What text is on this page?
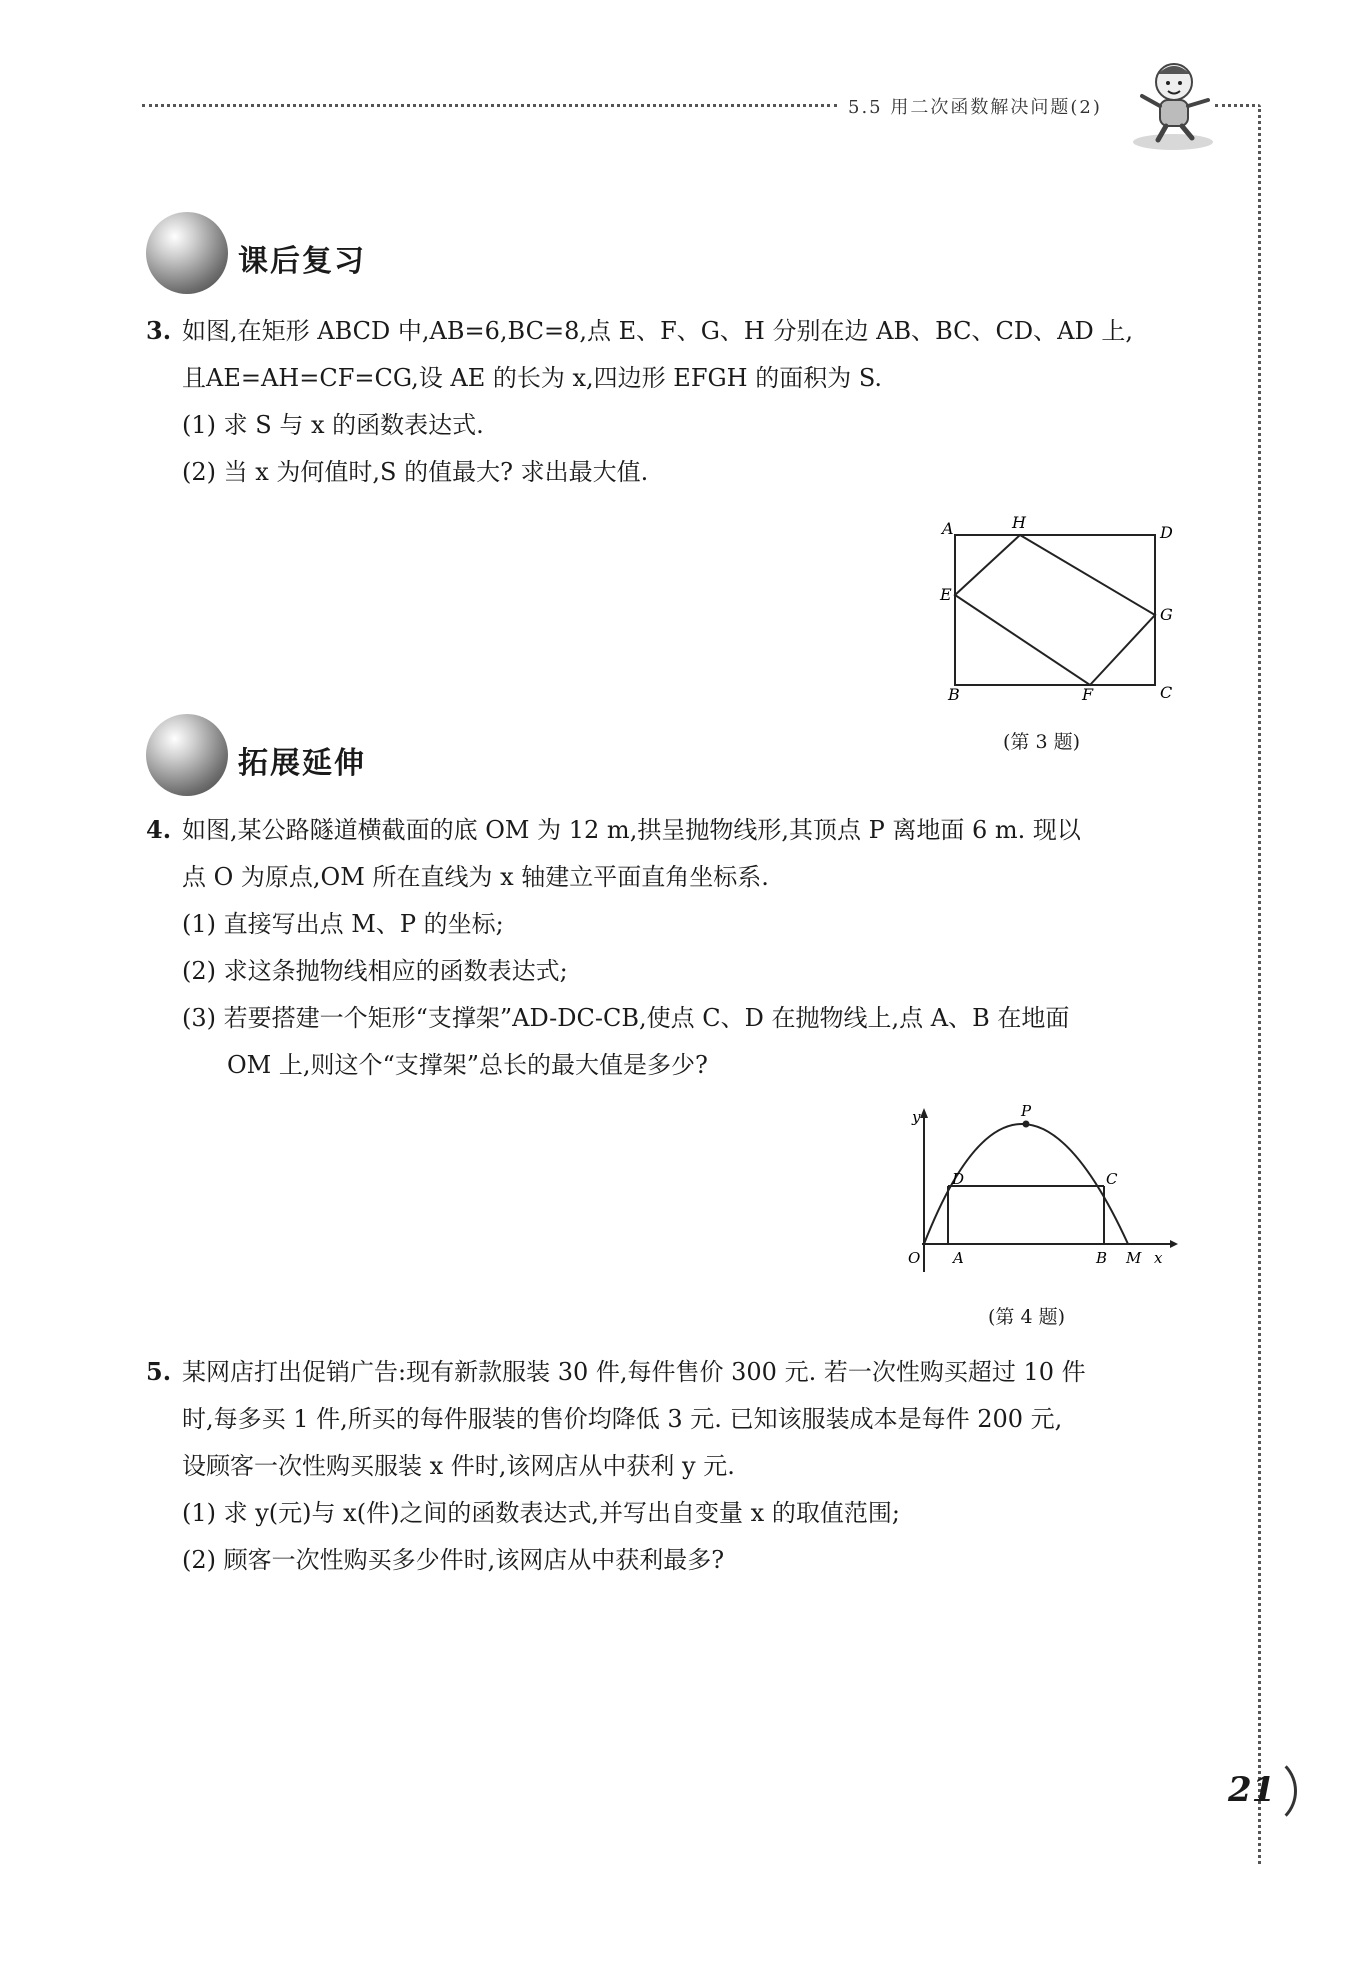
5.5 用二次函数解决问题(2)
课后复习
3. 如图,在矩形 ABCD 中,AB=6,BC=8,点 E、F、G、H 分别在边 AB、BC、CD、AD 上,
且AE=AH=CF=CG,设 AE 的长为 x,四边形 EFGH 的面积为 S.
(1) 求 S 与 x 的函数表达式.
(2) 当 x 为何值时,S 的值最大? 求出最大值.
A	H
D
E
G
B	F	C
(第 3 题)
拓展延伸
4. 如图,某公路隧道横截面的底 OM 为 12 m,拱呈抛物线形,其顶点 P 离地面 6 m. 现以
点 O 为原点,OM 所在直线为 x 轴建立平面直角坐标系.
(1) 直接写出点 M、P 的坐标;
(2) 求这条抛物线相应的函数表达式;
(3) 若要搭建一个矩形“支撑架”AD-DC-CB,使点 C、D 在抛物线上,点 A、B 在地面
OM 上,则这个“支撑架”总长的最大值是多少?
y	P
D	C
O A	B M x
(第 4 题)
5. 某网店打出促销广告:现有新款服装 30 件,每件售价 300 元. 若一次性购买超过 10 件
时,每多买 1 件,所买的每件服装的售价均降低 3 元. 已知该服装成本是每件 200 元,
设顾客一次性购买服装 x 件时,该网店从中获利 y 元.
(1) 求 y(元)与 x(件)之间的函数表达式,并写出自变量 x 的取值范围;
(2) 顾客一次性购买多少件时,该网店从中获利最多?
21
